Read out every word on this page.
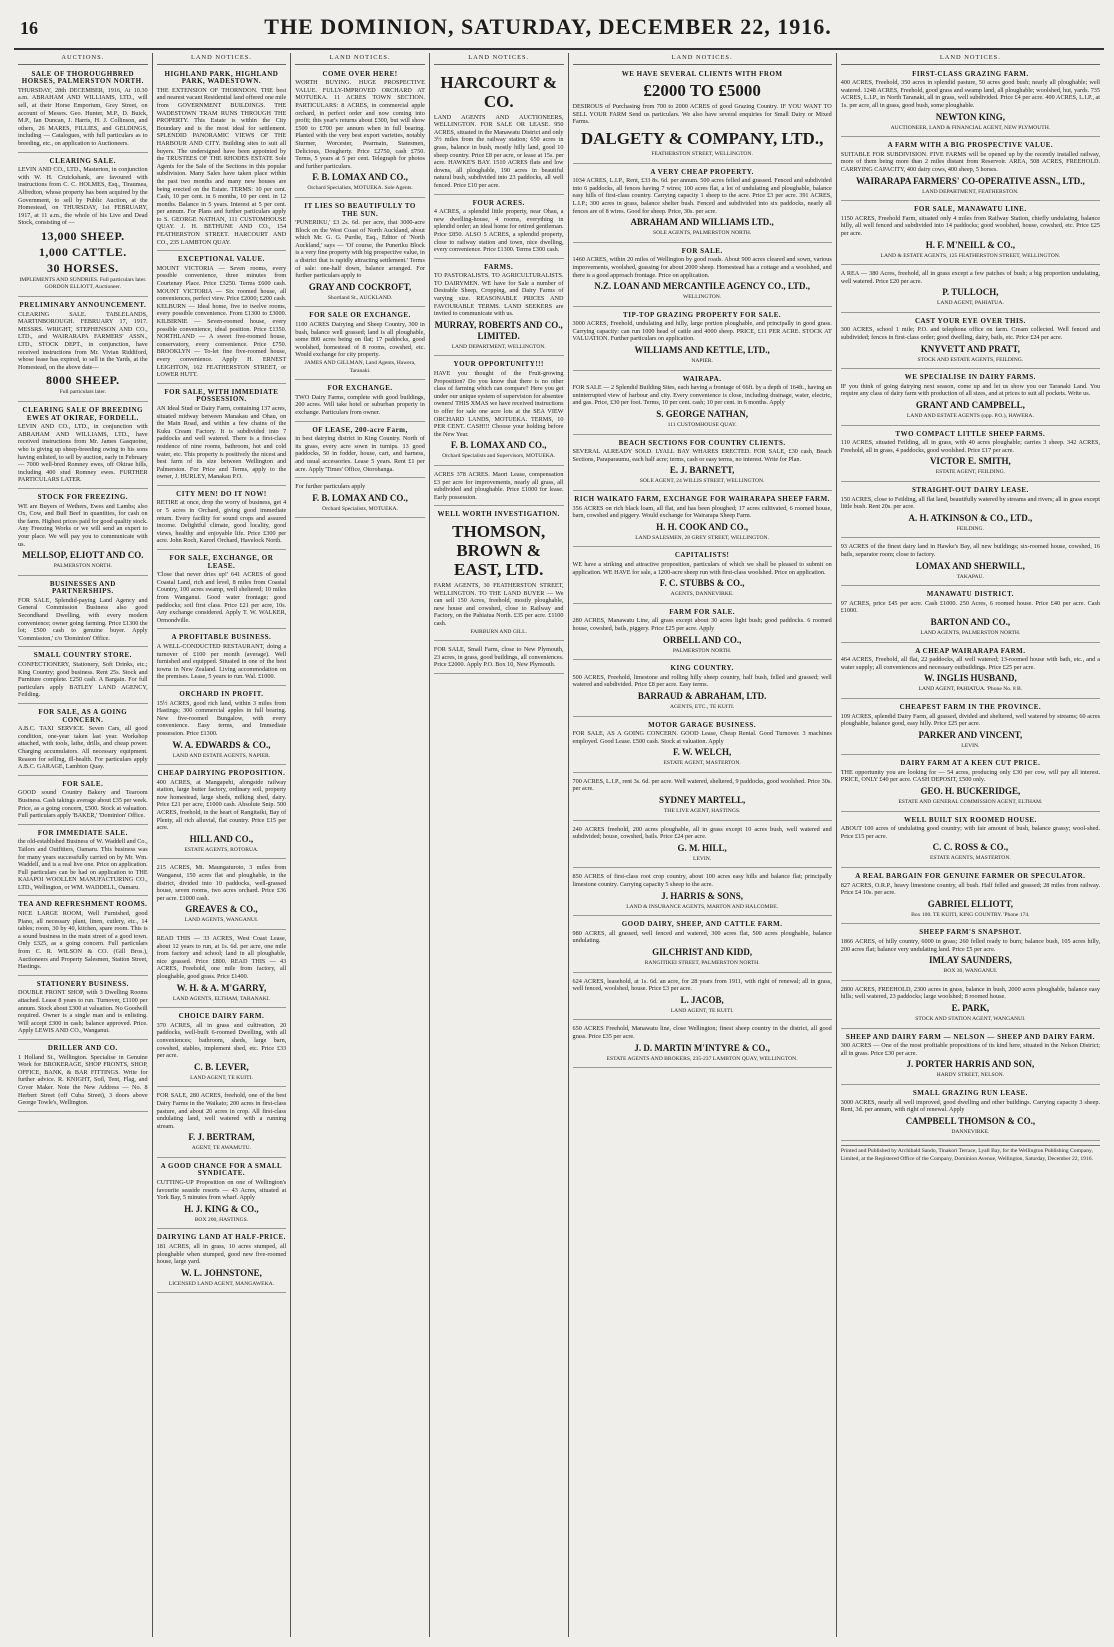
16	THE DOMINION, SATURDAY, DECEMBER 22, 1916.
AUCTIONS.
SALE OF THOROUGHBRED HORSES, PALMERSTON NORTH.

THURSDAY, 28th DECEMBER, 1916, At 10.30 a.m. ABRAHAM AND WILLIAMS, LTD., will sell, at their Horse Emporium, Grey Street, on account of Messrs. Geo. Hunter, M.P., D. Buick, M.P., Ian Duncan, J. Harris, H. J. Collinson, and others, 26 MARES, FILLIES, and GELDINGS, including — Catalogues, with full particulars as to breeding, etc., on application to Auctioneers.

CLEARING SALE.

LEVIN AND CO., LTD., Masterton, in conjunction with W. H. Cruickshank, are favoured with instructions from C. C. HOLMES, Esq., Tiraumea, Alfredton, whose property has been acquired by the Government, to sell by Public Auction, at the Homestead, on THURSDAY, 1st FEBRUARY, 1917, at 11 a.m., the whole of his Live and Dead Stock, consisting of —

13,000 SHEEP.
1,000 CATTLE.
30 HORSES.
IMPLEMENTS AND SUNDRIES. Full particulars later. GORDON ELLIOTT, Auctioneer.
PRELIMINARY ANNOUNCEMENT.

CLEARING SALE. TABLELANDS, MARTINBOROUGH. FEBRUARY 17, 1917. MESSRS. WRIGHT, STEPHENSON AND CO., LTD., and WAIRARAPA FARMERS' ASSN., LTD., STOCK DEPT., in conjunction, have received instructions from Mr. Vivian Riddiford, whose lease has expired, to sell in the Yards, at the Homestead, on the above date—

8000 SHEEP.
Full particulars later.
CLEARING SALE OF BREEDING EWES AT OKIRAE, FORDELL.

LEVIN AND CO., LTD., in conjunction with ABRAHAM AND WILLIAMS, LTD., have received instructions from Mr. James Gasquoine, who is giving up sheep-breeding owing to his sons having enlisted, to sell by auction, early in February — 7000 well-bred Romney ewes, off Okirae hills, including 400 stud Romney ewes. FURTHER PARTICULARS LATER.

STOCK FOR FREEZING.

WE are Buyers of Wethers, Ewes and Lambs; also Ox, Cow, and Bull Beef in quantities, for cash on the farm. Highest prices paid for good quality stock. Any Freezing Works or we will send an expert to your place. We will pay you to communicate with us.

MELLSOP, ELIOTT AND CO.
PALMERSTON NORTH.
BUSINESSES AND PARTNERSHIPS.

FOR SALE, Splendid-paying Land Agency and General Commission Business also good Secondhand Dwelling, with every modern convenience; owner going farming. Price £1300 the lot; £500 cash to genuine buyer. Apply 'Commission,' c/o 'Dominion' Office.

SMALL COUNTRY STORE.

CONFECTIONERY, Stationery, Soft Drinks, etc.; King Country; good business. Rent 25s. Stock and Furniture complete. £250 cash. A Bargain. For full particulars apply BATLEY LAND AGENCY, Feilding.

FOR SALE, AS A GOING CONCERN.

A.B.C. TAXI SERVICE. Seven Cars, all good condition, one-year taken last year. Workshop attached, with tools, lathe, drills, and cheap power. Charging accumulators. All necessary equipment. Reason for selling, ill-health. For particulars apply A.B.C. GARAGE, Lambton Quay.

FOR SALE.

GOOD sound Country Bakery and Tearoom Business. Cash takings average about £35 per week. Price, as a going concern, £500. Stock at valuation. Full particulars apply 'BAKER,' 'Dominion' Office.

FOR IMMEDIATE SALE.

the old-established Business of W. Waddell and Co., Tailors and Outfitters, Oamaru. This business was for many years successfully carried on by Mr. Wm. Waddell, and is a real live one. Price on application. Full particulars can be had on application to THE KAIAPOI WOOLLEN MANUFACTURING CO., LTD., Wellington, or WM. WADDELL, Oamaru.

TEA AND REFRESHMENT ROOMS.

NICE LARGE ROOM, Well Furnished, good Piano, all necessary plant, linen, cutlery, etc., 14 tables; room, 30 by 40, kitchen, spare room. This is a sound business in the main street of a good town. Only £325, as a going concern. Full particulars from C. R. WILSON & CO. (Gill Bros.), Auctioneers and Property Salesmen, Station Street, Hastings.

STATIONERY BUSINESS.

DOUBLE FRONT SHOP, with 3 Dwelling Rooms attached. Lease 8 years to run. Turnover, £1100 per annum. Stock about £300 at valuation. No Goodwill required. Owner is a single man and is enlisting. Will accept £300 in cash; balance approved. Price. Apply LEWIS AND CO., Wanganui.

DRILLER AND CO.

1 Holland St., Wellington. Specialise in Genuine Work for BROKERAGE, SHOP FRONTS, SHOP, OFFICE, BANK, & BAR FITTINGS. Write for further advice. R. KNIGHT, Soil, Tent, Flag, and Cover Maker. Note the New Address — No. 8 Herbert Street (off Cuba Street), 3 doors above George Towle's, Wellington.

LAND NOTICES.
HIGHLAND PARK, HIGHLAND PARK, WADESTOWN.

THE EXTENSION OF THORNDON. THE best and nearest vacant Residential land offered one mile from GOVERNMENT BUILDINGS. THE WADESTOWN TRAM RUNS THROUGH THE PROPERTY. This Estate is within the City Boundary and is the most ideal for settlement. SPLENDID PANORAMIC VIEWS OF THE HARBOUR AND CITY. Building sites to suit all buyers. The undersigned have been appointed by the TRUSTEES OF THE RHODES ESTATE Sole Agents for the Sale of the Sections in this popular subdivision. Many Sales have taken place within the past two months and many new houses are being erected on the Estate. TERMS: 10 per cent. Cash, 10 per cent. in 6 months, 10 per cent. in 12 months. Balance in 5 years. Interest at 5 per cent. per annum. For Plans and further particulars apply to S. GEORGE NATHAN, 111 CUSTOMHOUSE QUAY. J. H. BETHUNE AND CO., 154 FEATHERSTON STREET. HARCOURT AND CO., 235 LAMBTON QUAY.

EXCEPTIONAL VALUE.

MOUNT VICTORIA — Seven rooms, every possible convenience, three minutes from Courtenay Place. Price £3250. Terms £600 cash. MOUNT VICTORIA — Six roomed house, all conveniences, perfect view. Price £2000; £200 cash. KELBURN — Ideal home, five to twelve rooms, every possible convenience. From £1300 to £3000. KILBIRNIE — Seven-roomed house, every possible convenience, ideal position. Price £1350. NORTHLAND — A sweet five-roomed house, conservatory, every convenience. Price £750. BROOKLYN — To-let fine five-roomed house, every convenience. Apply H. ERNEST LEIGHTON, 162 FEATHERSTON STREET, or LOWER HUTT.

FOR SALE, WITH IMMEDIATE POSSESSION.

AN Ideal Stud or Dairy Farm, containing 137 acres, situated midway between Manakau and Ohau, on the Main Road, and within a few chains of the Kuku Cream Factory. It is subdivided into 7 paddocks and well watered. There is a first-class residence of nine rooms, bathroom, hot and cold water, etc. This property is positively the nicest and best farm of its size between Wellington and Palmerston. For Price and Terms, apply to the owner, J. HURLEY, Manakau P.O.

CITY MEN! DO IT NOW!

RETIRE at once, drop the worry of business, get 4 or 5 acres in Orchard, giving good immediate return. Every facility for sound crops and assured income. Delightful climate, good locality, good views, healthy and enjoyable life. Price £300 per acre. John Roch, Karorl Orchard, Havelock North.

FOR SALE, EXCHANGE, OR LEASE.

'Close that never dries up!' 641 ACRES of good Coastal Land, rich and level, 8 miles from Coastal Country, 100 acres swamp, well sheltered; 10 miles from Wanganui. Good water frontage; good paddocks; soil first class. Price £21 per acre, 10s. Any exchange considered. Apply T. W. WALKER, Ormondville.

A PROFITABLE BUSINESS.

A WELL-CONDUCTED RESTAURANT, doing a turnover of £100 per month (average). Well furnished and equipped. Situated in one of the best towns in New Zealand. Living accommodation on the premises. Lease, 5 years to run. Wal. £1000.

ORCHARD IN PROFIT.

15½ ACRES, good rich land, within 3 miles from Hastings; 300 commercial apples in full bearing. New five-roomed Bungalow, with every convenience. Easy terms, and Immediate possession. Price £1300.

W. A. EDWARDS & CO.,
LAND AND ESTATE AGENTS, NAPIER.
CHEAP DAIRYING PROPOSITION.

400 ACRES, at Mangapehi, alongside railway station, large butter factory, ordinary soil, property now homestead, large sheds, milking shed, dairy. Price £21 per acre, £1000 cash. Absolute Snip. 500 ACRES, freehold, in the heart of Rangitaiki, Bay of Plenty, all rich alluvial, flat country. Price £15 per acre.

HILL AND CO.,
ESTATE AGENTS, ROTORUA.

215 ACRES, Mt. Maungaturoto, 3 miles from Wanganui, 150 acres flat and ploughable, in the district, divided into 10 paddocks, well-grassed house, seven rooms, two acres orchard. Price £36 per acre. £1000 cash.

GREAVES & CO.,
LAND AGENTS, WANGANUI.

READ THIS — 33 ACRES, West Coast Lease, about 12 years to run, at 1s. 6d. per acre, one mile from factory and school; land in all ploughable, nice grassed. Price £800. READ THIS — 43 ACRES, Freehold, one mile from factory, all ploughable, good grass. Price £1400.

W. H. & A. M'GARRY,
LAND AGENTS, ELTHAM, TARANAKI.
CHOICE DAIRY FARM.

370 ACRES, all in grass and cultivation, 20 paddocks, well-built 6-roomed Dwelling, with all conveniences; bathroom, sheds, large barn, cowshed, stables, implement shed, etc. Price £33 per acre.

C. B. LEVER,
LAND AGENT, TE KUITI.

FOR SALE, 280 ACRES, freehold, one of the best Dairy Farms in the Waikato; 200 acres in first-class pasture, and about 20 acres in crop. All first-class undulating land, well watered with a running stream.

F. J. BERTRAM,
AGENT, TE AWAMUTU.
A GOOD CHANCE FOR A SMALL SYNDICATE.

CUTTING-UP Proposition on one of Wellington's favourite seaside resorts — 43 Acres, situated at York Bay, 5 minutes from wharf. Apply

H. J. KING & CO.,
BOX 200, HASTINGS.
DAIRYING LAND AT HALF-PRICE.

181 ACRES, all in grass, 10 acres stumped, all ploughable when stumped, good new five-roomed house, large yard.

W. L. JOHNSTONE,
LICENSED LAND AGENT, MANGAWEKA.
LAND NOTICES.
COME OVER HERE!

WORTH BUYING. HUGE PROSPECTIVE VALUE. FULLY-IMPROVED ORCHARD AT MOTUEKA. 11 ACRES TOWN SECTION. PARTICULARS: 8 ACRES, in commercial apple orchard, in perfect order and now coming into profit; this year's returns about £300, but will show £500 to £700 per annum when in full bearing. Planted with the very best export varieties, notably Sturmer, Worcester, Pearmain, Statesmen, Delicious, Dougherty. Price £2750, cash £750. Terms, 5 years at 5 per cent. Telegraph for photos and further particulars.

F. B. LOMAX AND CO.,
Orchard Specialists, MOTUEKA. Sole Agents.
IT LIES SO BEAUTIFULLY TO THE SUN.

'PUNERIKU,' £3 2s. 6d. per acre, that 3000-acre Block on the West Coast of North Auckland, about which Mr. G. G. Purdie, Esq., Editor of 'North Auckland,' says — 'Of course, the Puneriku Block is a very fine property with big prospective value, in a district that is rapidly attracting settlement.' Terms of sale: one-half down, balance arranged. For further particulars apply to

GRAY AND COCKROFT,
Shortland St., AUCKLAND.
FOR SALE OR EXCHANGE.

1100 ACRES Dairying and Sheep Country, 300 in bush, balance well grassed; land is all ploughable, some 800 acres being on flat; 17 paddocks, good woolshed, homestead of 8 rooms, cowshed, etc. Would exchange for city property.

JAMES AND GILLMAN, Land Agents, Hawera, Taranaki.
FOR EXCHANGE.

TWO Dairy Farms, complete with good buildings, 200 acres. Will take hotel or suburban property in exchange. Particulars from owner.

OF LEASE, 200-acre Farm,

in best dairying district in King Country. North of its grass, every acre sown in turnips. 13 good paddocks, 50 in fodder, house, cart, and harness, and usual accessories. Lease 5 years. Rent £1 per acre. Apply 'Times' Office, Otorohanga.

For further particulars apply

F. B. LOMAX AND CO.,
Orchard Specialists, MOTUEKA.
LAND NOTICES.
HARCOURT & CO.

LAND AGENTS AND AUCTIONEERS, WELLINGTON. FOR SALE OR LEASE. 950 ACRES, situated in the Manawatu District and only 3½ miles from the railway station; 650 acres in grass, balance in bush, mostly hilly land, good 10 sheep country. Price £8 per acre, or lease at 15s. per acre. HAWKE'S BAY. 1510 ACRES flats and low downs, all ploughable, 190 acres in beautiful natural bush, subdivided into 23 paddocks, all well fenced. Price £10 per acre.

FOUR ACRES.

4 ACRES, a splendid little property, near Ohau, a new dwelling-house, 4 rooms, everything in splendid order; an ideal home for retired gentleman. Price £850. ALSO 5 ACRES, a splendid property, close to railway station and town, nice dwelling, every convenience. Price £1300. Terms £300 cash.

FARMS.

TO PASTORALISTS. TO AGRICULTURALISTS. TO DAIRYMEN. WE have for Sale a number of Desirable Sheep, Cropping, and Dairy Farms of varying size. REASONABLE PRICES AND FAVOURABLE TERMS. LAND SEEKERS are invited to communicate with us.

MURRAY, ROBERTS AND CO., LIMITED.
LAND DEPARTMENT, WELLINGTON.
YOUR OPPORTUNITY!!!

HAVE you thought of the Fruit-growing Proposition? Do you know that there is no other class of farming which can compare? Here you get under our unique system of supervision for absentee owners! THIS XMAS we have received instructions to offer for sale one acre lots at the SEA VIEW ORCHARD LANDS, MOTUEKA. TERMS, 10 PER CENT. CASH!!! Choose your holding before the New Year.

F. B. LOMAX AND CO.,
Orchard Specialists and Supervisors, MOTUEKA.

ACRES 378 ACRES. Maori Lease, compensation £3 per acre for improvements, nearly all grass, all subdivided and ploughable. Price £1000 for lease. Early possession.

WELL WORTH INVESTIGATION.
THOMSON, BROWN & EAST, LTD.

FARM AGENTS, 30 FEATHERSTON STREET, WELLINGTON. TO THE LAND BUYER — We can sell 150 Acres, freehold, mostly ploughable, new house and cowshed, close to Railway and Factory, on the Pahiatua North. £35 per acre. £1100 cash.

FAIRBURN AND GILL.

FOR SALE, Small Farm, close to New Plymouth, 23 acres, in grass, good buildings, all conveniences. Price £2000. Apply P.O. Box 10, New Plymouth.

LAND NOTICES.
WE HAVE SEVERAL CLIENTS WITH FROM
£2000 TO £5000

DESIROUS of Purchasing from 700 to 2000 ACRES of good Grazing Country. IF YOU WANT TO SELL YOUR FARM Send us particulars. We also have several enquiries for Small Dairy or Mixed Farms.

DALGETY & COMPANY, LTD.,
FEATHERSTON STREET, WELLINGTON.
A VERY CHEAP PROPERTY.

1034 ACRES, L.I.P., Rent, £33 8s. 6d. per annum. 500 acres felled and grassed. Fenced and subdivided into 6 paddocks, all fences having 7 wires; 100 acres flat, a lot of undulating and ploughable, balance easy hills of first-class country. Carrying capacity 1 sheep to the acre. Price £3 per acre. 391 ACRES, L.I.P.; 300 acres in grass, balance shelter bush. Fenced and subdivided into six paddocks, nearly all fences are of 8 wires. Good for sheep. Price, 30s. per acre.

ABRAHAM AND WILLIAMS LTD.,
SOLE AGENTS, PALMERSTON NORTH.
FOR SALE.

1460 ACRES, within 20 miles of Wellington by good roads. About 900 acres cleared and sown, various improvements, woolshed, grassing for about 2000 sheep. Homestead has a cottage and a woolshed, and there is a good approach frontage. Price on application.

N.Z. LOAN AND MERCANTILE AGENCY CO., LTD.,
WELLINGTON.
TIP-TOP GRAZING PROPERTY FOR SALE.

3000 ACRES, Freehold, undulating and hilly, large portion ploughable, and principally in good grass. Carrying capacity: can run 1000 head of cattle and 4000 sheep. PRICE, £11 PER ACRE. STOCK AT VALUATION. Further particulars on application.

WILLIAMS AND KETTLE, LTD.,
NAPIER.
WAIRAPA.

FOR SALE — 2 Splendid Building Sites, each having a frontage of 66ft. by a depth of 164ft., having an uninterrupted view of harbour and city. Every convenience is close, including drainage, water, electric, and gas. Price, £30 per foot. Terms, 10 per cent. cash; 10 per cent. in 6 months. Apply

S. GEORGE NATHAN,
111 CUSTOMHOUSE QUAY.
BEACH SECTIONS FOR COUNTRY CLIENTS.

SEVERAL ALREADY SOLD. LYALL BAY WHARES ERECTED. FOR SALE, £30 cash, Beach Sections, Paraparaumu, each half acre; terms, cash or easy terms, no interest. Write for Plan.

E. J. BARNETT,
SOLE AGENT, 24 WILLIS STREET, WELLINGTON.
RICH WAIKATO FARM, EXCHANGE FOR WAIRARAPA SHEEP FARM.

356 ACRES on rich black loam, all flat, and has been ploughed; 17 acres cultivated, 6 roomed house, barn, cowshed and piggery. Would exchange for Wairarapa Sheep Farm.

H. H. COOK AND CO.,
LAND SALESMEN, 28 GREY STREET, WELLINGTON.
CAPITALISTS!

WE have a striking and attractive proposition, particulars of which we shall be pleased to submit on application. WE HAVE for sale, a 1200-acre sheep run with first-class woolshed. Price on application.

F. C. STUBBS & CO.,
AGENTS, DANNEVIRKE.
FARM FOR SALE.

280 ACRES, Manawatu Line, all grass except about 30 acres light bush; good paddocks. 6 roomed house, cowshed, bails, piggery. Price £25 per acre. Apply

ORBELL AND CO.,
PALMERSTON NORTH.
KING COUNTRY.

500 ACRES, Freehold, limestone and rolling hilly sheep country, half bush, felled and grassed; well watered and subdivided. Price £8 per acre. Easy terms.

BARRAUD & ABRAHAM, LTD.
AGENTS, ETC., TE KUITI.
MOTOR GARAGE BUSINESS.

FOR SALE, AS A GOING CONCERN. GOOD Lease, Cheap Rental. Good Turnover. 3 machines employed. Good Lease. £500 cash. Stock at valuation. Apply

F. W. WELCH,
ESTATE AGENT, MASTERTON.

700 ACRES, L.I.P., rent 3s. 6d. per acre. Well watered, sheltered, 9 paddocks, good woolshed. Price 30s. per acre.

SYDNEY MARTELL,
THE LIVE AGENT, HASTINGS.

240 ACRES freehold, 200 acres ploughable, all in grass except 10 acres bush, well watered and subdivided; house, cowshed, bails. Price £24 per acre.

G. M. HILL,
LEVIN.

850 ACRES of first-class root crop country, about 100 acres easy hills and balance flat; principally limestone country. Carrying capacity 5 sheep to the acre.

J. HARRIS & SONS,
LAND & INSURANCE AGENTS, MARTON AND HALCOMBE.
GOOD DAIRY, SHEEP, AND CATTLE FARM.

980 ACRES, all grassed, well fenced and watered, 300 acres flat, 500 acres ploughable, balance undulating.

GILCHRIST AND KIDD,
RANGITIKEI STREET, PALMERSTON NORTH.

624 ACRES, leasehold, at 1s. 6d. an acre, for 28 years from 1911, with right of renewal; all in grass, well fenced, woolshed, house. Price £3 per acre.

L. JACOB,
LAND AGENT, TE KUITI.

650 ACRES Freehold, Manawatu line, close Wellington; finest sheep country in the district, all good grass. Price £35 per acre.

J. D. MARTIN M'INTYRE & CO.,
ESTATE AGENTS AND BROKERS, 235-237 LAMBTON QUAY, WELLINGTON.
LAND NOTICES.
FIRST-CLASS GRAZING FARM.

400 ACRES, Freehold, 350 acres in splendid pasture, 50 acres good bush; nearly all ploughable; well watered. 1248 ACRES, Freehold, good grass and swamp land, all ploughable; woolshed, hut, yards. 735 ACRES, L.I.P., in North Taranaki, all in grass, well subdivided. Price £4 per acre. 400 ACRES, L.I.P., at 1s. per acre, all in grass, good bush, some ploughable.

NEWTON KING,
AUCTIONEER, LAND & FINANCIAL AGENT, NEW PLYMOUTH.
A FARM WITH A BIG PROSPECTIVE VALUE.

SUITABLE FOR SUBDIVISION. FIVE FARMS will be opened up by the recently installed railway, more of them being more than 2 miles distant from Reservoir. AREA, 508 ACRES, FREEHOLD. CARRYING CAPACITY, 400 dairy cows, 400 sheep, 5 horses.

WAIRARAPA FARMERS' CO-OPERATIVE ASSN., LTD.,
LAND DEPARTMENT, FEATHERSTON.
FOR SALE, MANAWATU LINE.

1150 ACRES, Freehold Farm, situated only 4 miles from Railway Station, chiefly undulating, balance hilly, all well fenced and subdivided into 14 paddocks; good woolshed, house, cowshed, etc. Price £25 per acre.

H. F. M'NEILL & CO.,
LAND & ESTATE AGENTS, 125 FEATHERSTON STREET, WELLINGTON.

A REA — 380 Acres, freehold, all in grass except a few patches of bush; a big proportion undulating, well watered. Price £20 per acre.

P. TULLOCH,
LAND AGENT, PAHIATUA.
CAST YOUR EYE OVER THIS.

300 ACRES, school 1 mile; P.O. and telephone office on farm. Cream collected. Well fenced and subdivided; fences in first-class order; good dwelling, dairy, bails, etc. Price £24 per acre.

KNYVETT AND PRATT,
STOCK AND ESTATE AGENTS, FEILDING.
WE SPECIALISE IN DAIRY FARMS.

IF you think of going dairying next season, come up and let us show you our Taranaki Land. You require any class of dairy farm with production of all sizes, and at prices to suit all pockets. Write us.

GRANT AND CAMPBELL,
LAND AND ESTATE AGENTS (opp. P.O.), HAWERA.
TWO COMPACT LITTLE SHEEP FARMS.

110 ACRES, situated Feilding, all in grass, with 40 acres ploughable; carries 3 sheep. 342 ACRES, Freehold, all in grass, 4 paddocks, good woolshed. Price £17 per acre.

VICTOR E. SMITH,
ESTATE AGENT, FEILDING.
STRAIGHT-OUT DAIRY LEASE.

150 ACRES, close to Feilding, all flat land, beautifully watered by streams and rivers; all in grass except little bush. Rent 20s. per acre.

A. H. ATKINSON & CO., LTD.,
FEILDING.

93 ACRES of the finest dairy land in Hawke's Bay, all new buildings; six-roomed house, cowshed, 16 bails, separator room; close to factory.

LOMAX AND SHERWILL,
TAKAPAU.
MANAWATU DISTRICT.

97 ACRES, price £45 per acre. Cash £1000. 250 Acres, 6 roomed house. Price £40 per acre. Cash £1000.

BARTON AND CO.,
LAND AGENTS, PALMERSTON NORTH.
A CHEAP WAIRARAPA FARM.

464 ACRES, Freehold, all flat, 22 paddocks, all well watered; 13-roomed house with bath, etc., and a water supply; all conveniences and necessary outbuildings. Price £25 per acre.

W. INGLIS HUSBAND,
LAND AGENT, PAHIATUA. 'Phone No. 8 B.
CHEAPEST FARM IN THE PROVINCE.

109 ACRES, splendid Dairy Farm, all grassed, divided and sheltered, well watered by streams; 60 acres ploughable, balance good, easy hilly. Price £25 per acre.

PARKER AND VINCENT,
LEVIN.
DAIRY FARM AT A KEEN CUT PRICE.

THE opportunity you are looking for — 54 acres, producing only £30 per cow, will pay all interest. PRICE, ONLY £40 per acre. CASH DEPOSIT, £500 only.

GEO. H. BUCKERIDGE,
ESTATE AND GENERAL COMMISSION AGENT, ELTHAM.
WELL BUILT SIX ROOMED HOUSE.

ABOUT 100 acres of undulating good country; with fair amount of bush, balance grassy; wool-shed. Price £15 per acre.

C. C. ROSS & CO.,
ESTATE AGENTS, MASTERTON.
A REAL BARGAIN FOR GENUINE FARMER OR SPECULATOR.

827 ACRES, O.R.P., heavy limestone country, all bush. Half felled and grassed; 28 miles from railway. Price £4 10s. per acre.

GABRIEL ELLIOTT,
Box 100. TE KUITI, KING COUNTRY. 'Phone 174.
SHEEP FARM'S SNAPSHOT.

1866 ACRES, of hilly country, 6000 in grass; 260 felled ready to burn; balance bush, 105 acres hilly, 200 acres flat; balance very undulating land. Price £5 per acre.

IMLAY SAUNDERS,
BOX 30, WANGANUI.

2800 ACRES, FREEHOLD, 2300 acres in grass, balance in bush, 2000 acres ploughable, balance easy hills; well watered, 23 paddocks; large woolshed; 8 roomed house.

E. PARK,
STOCK AND STATION AGENT, WANGANUI.
SHEEP AND DAIRY FARM — NELSON — SHEEP AND DAIRY FARM.

300 ACRES — One of the most profitable propositions of its kind here, situated in the Nelson District; all in grass. Price £30 per acre.

J. PORTER HARRIS AND SON,
HARDY STREET, NELSON.
SMALL GRAZING RUN LEASE.

3000 ACRES, nearly all well improved, good dwelling and other buildings. Carrying capacity 3 sheep. Rent, 3d. per annum, with right of renewal. Apply

CAMPBELL THOMSON & CO.,
DANNEVIRKE.
Printed and Published by Archibald Sando, Tinakori Terrace, Lyall Bay, for the Wellington Publishing Company, Limited, at the Registered Office of the Company, Dominion Avenue, Wellington, Saturday, December 22, 1916.
